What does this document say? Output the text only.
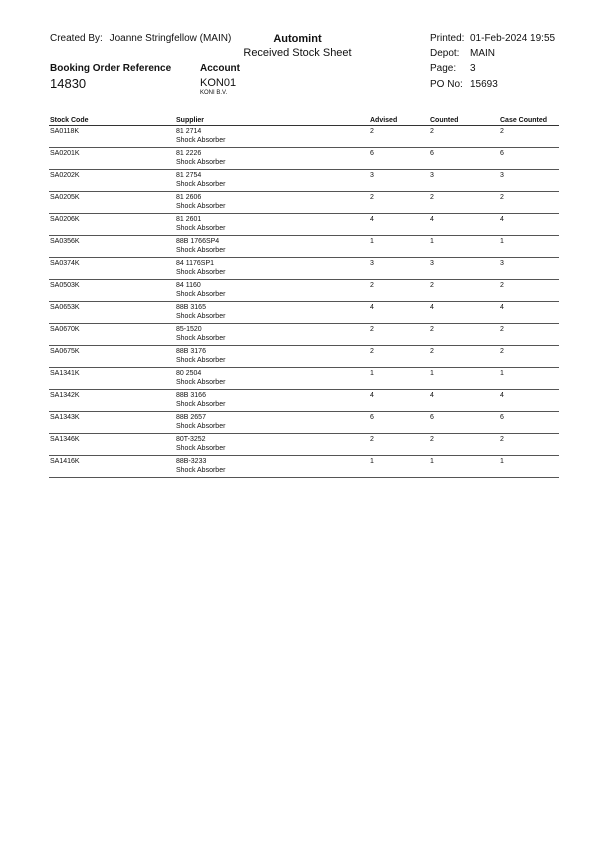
Created By: Joanne Stringfellow (MAIN)	Automint
Received Stock Sheet
Printed: 01-Feb-2024 19:55
Depot: MAIN
Page: 3
PO No: 15693
Booking Order Reference
14830
Account
KON01
KONI B.V.
Stock Code	Supplier	Advised	Counted	Case Counted
SA0118K	81 2714
Shock Absorber	2	2	2
SA0201K	81 2226
Shock Absorber	6	6	6
SA0202K	81 2754
Shock Absorber	3	3	3
SA0205K	81 2606
Shock Absorber	2	2	2
SA0206K	81 2601
Shock Absorber	4	4	4
SA0356K	88B 1766SP4
Shock Absorber	1	1	1
SA0374K	84 1176SP1
Shock Absorber	3	3	3
SA0503K	84 1160
Shock Absorber	2	2	2
SA0653K	88B 3165
Shock Absorber	4	4	4
SA0670K	85-1520
Shock Absorber	2	2	2
SA0675K	88B 3176
Shock Absorber	2	2	2
SA1341K	80 2504
Shock Absorber	1	1	1
SA1342K	88B 3166
Shock Absorber	4	4	4
SA1343K	88B 2657
Shock Absorber	6	6	6
SA1346K	80T-3252
Shock Absorber	2	2	2
SA1416K	88B-3233
Shock Absorber	1	1	1
